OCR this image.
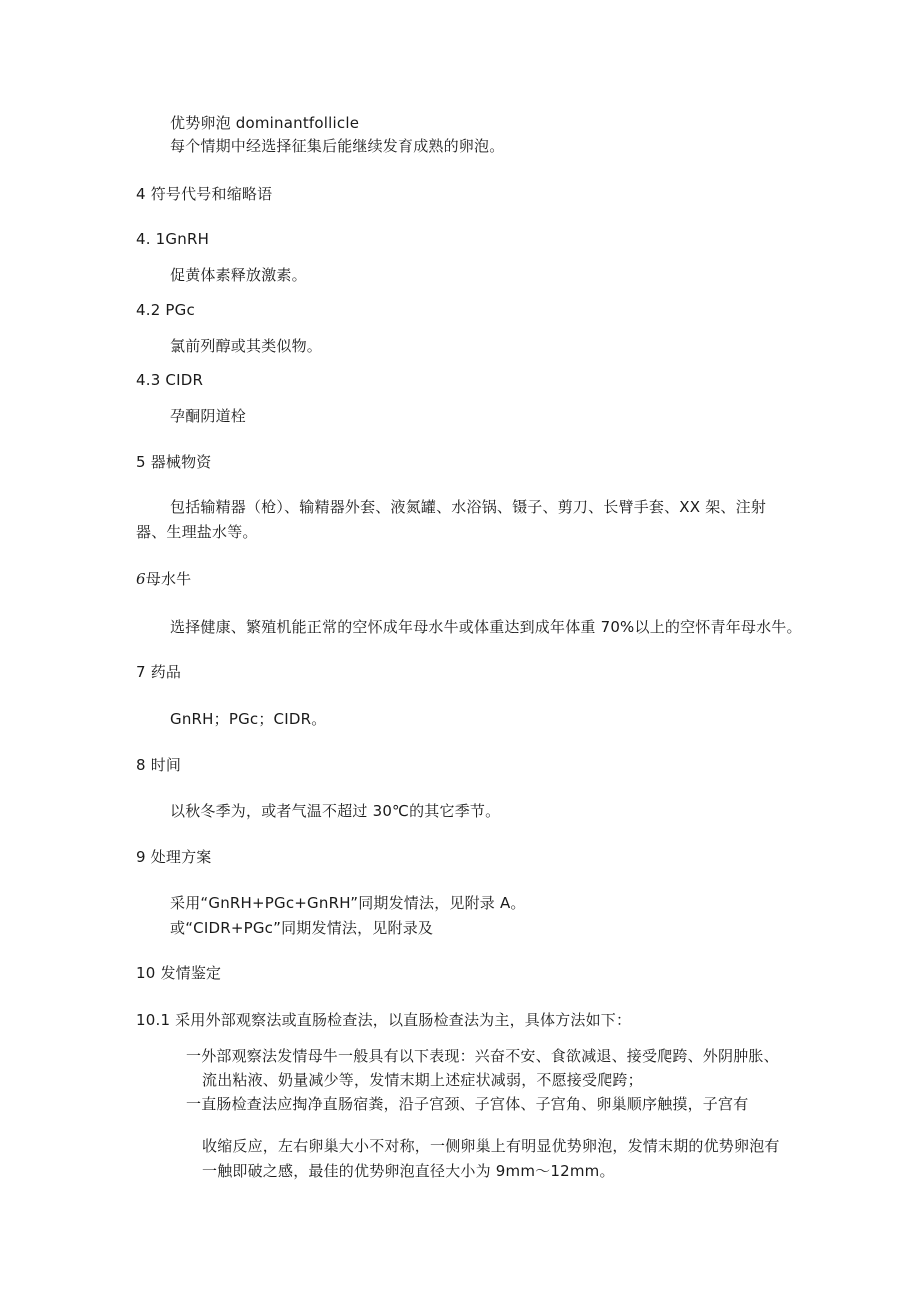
优势卵泡 dominantfollicle
每个情期中经选择征集后能继续发育成熟的卵泡。
4 符号代号和缩略语
4. 1GnRH
促黄体素释放激素。
4.2 PGc
氯前列醇或其类似物。
4.3 CIDR
孕酮阴道栓
5 器械物资
包括输精器（枪）、输精器外套、液氮罐、水浴锅、镊子、剪刀、长臂手套、XX 架、注射
器、生理盐水等。
6母水牛
选择健康、繁殖机能正常的空怀成年母水牛或体重达到成年体重 70%以上的空怀青年母水牛。
7 药品
GnRH；PGc；CIDR。
8 时间
以秋冬季为，或者气温不超过 30℃的其它季节。
9 处理方案
采用“GnRH+PGc+GnRH”同期发情法，见附录 A。
或“CIDR+PGc”同期发情法，见附录及
10 发情鉴定
10.1 采用外部观察法或直肠检查法，以直肠检查法为主，具体方法如下：
一外部观察法发情母牛一般具有以下表现：兴奋不安、食欲减退、接受爬跨、外阴肿胀、
流出粘液、奶量减少等，发情末期上述症状减弱，不愿接受爬跨；
一直肠检查法应掏净直肠宿粪，沿子宫颈、子宫体、子宫角、卵巢顺序触摸，子宫有
收缩反应，左右卵巢大小不对称，一侧卵巢上有明显优势卵泡，发情末期的优势卵泡有
一触即破之感，最佳的优势卵泡直径大小为 9mm～12mm。
